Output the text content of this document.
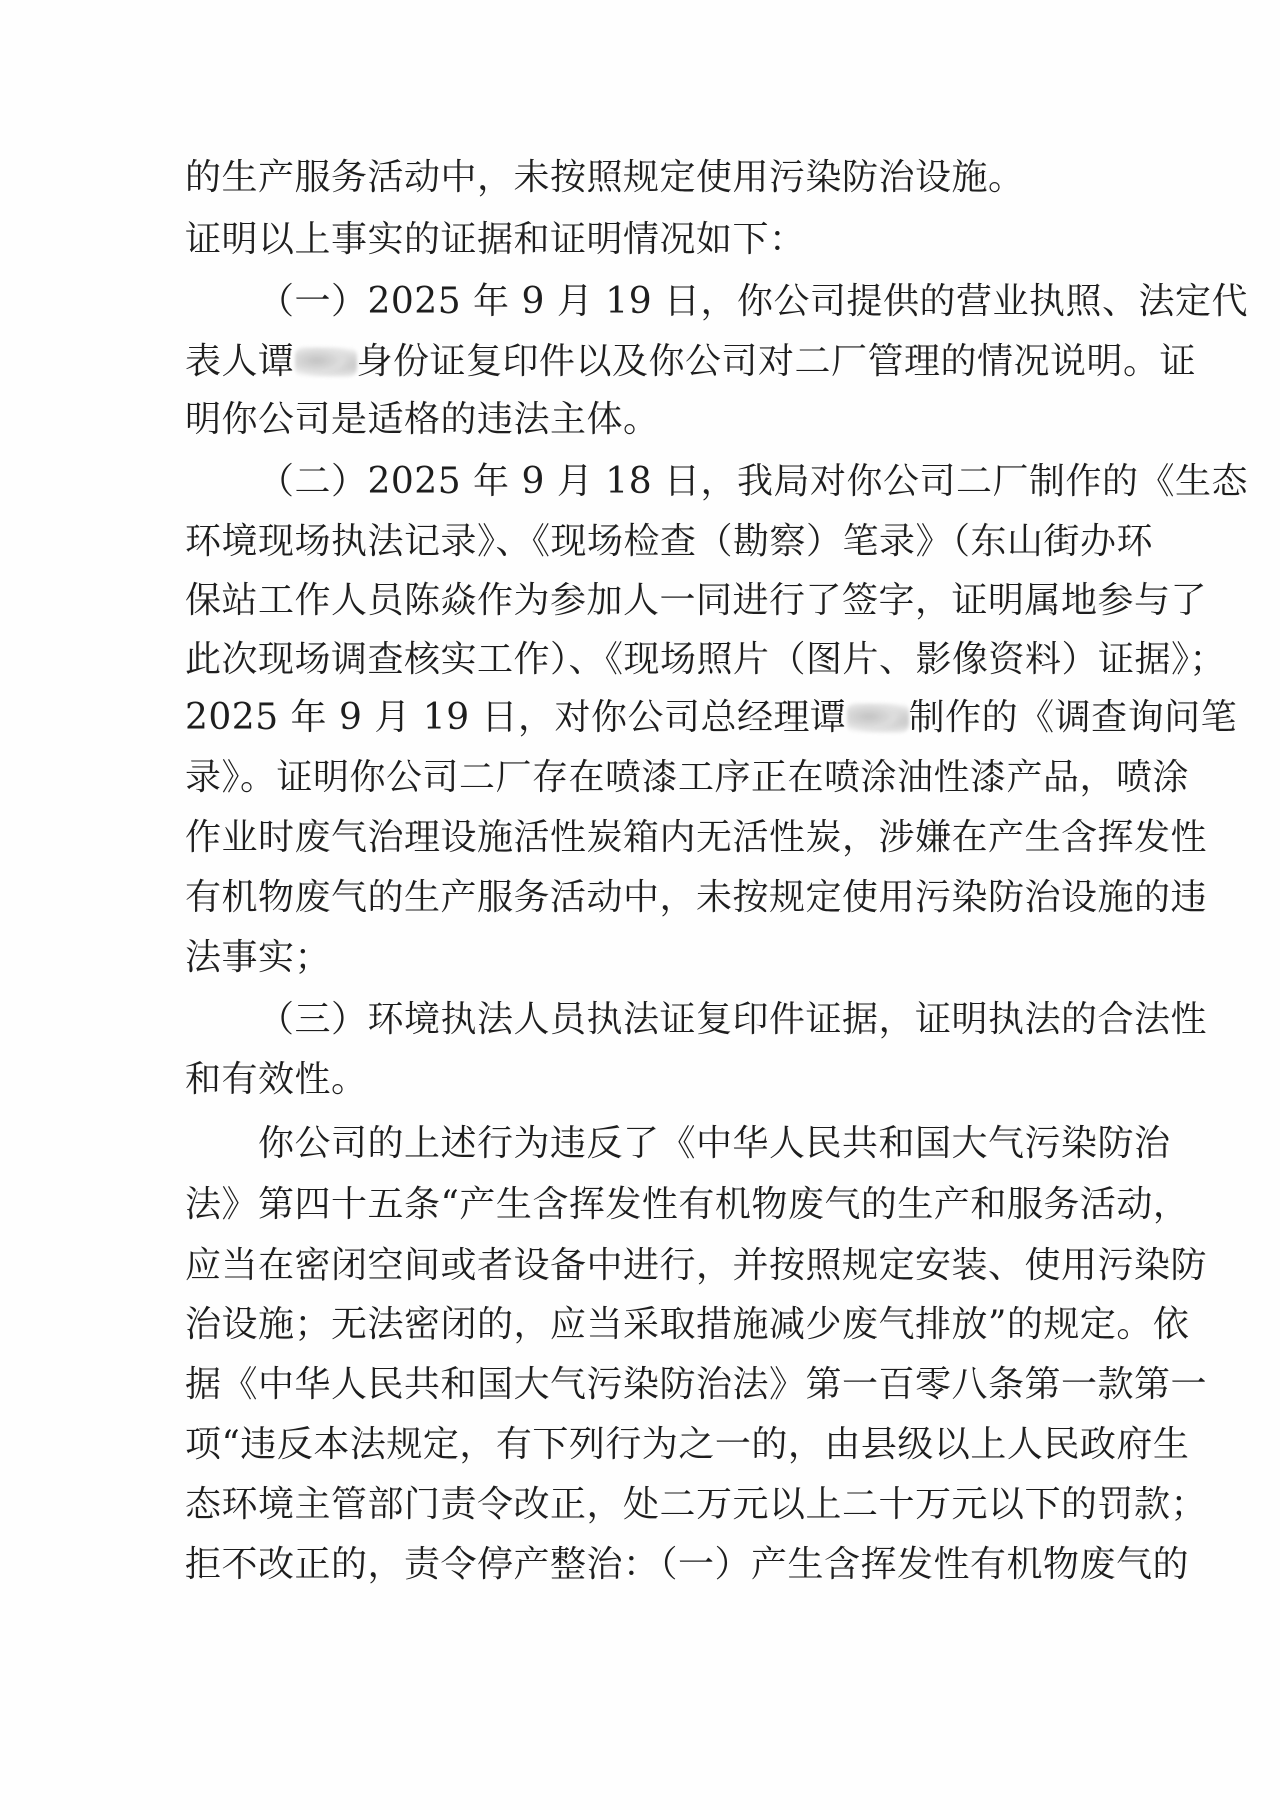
的生产服务活动中，未按照规定使用污染防治设施。
证明以上事实的证据和证明情况如下：
（一）2025 年 9 月 19 日，你公司提供的营业执照、法定代
表人谭 身份证复印件以及你公司对二厂管理的情况说明。证
明你公司是适格的违法主体。
（二）2025 年 9 月 18 日，我局对你公司二厂制作的《生态
环境现场执法记录》、《现场检查（勘察）笔录》（东山街办环
保站工作人员陈焱作为参加人一同进行了签字，证明属地参与了
此次现场调查核实工作）、《现场照片（图片、影像资料）证据》；
2025 年 9 月 19 日，对你公司总经理谭 制作的《调查询问笔
录》。证明你公司二厂存在喷漆工序正在喷涂油性漆产品，喷涂
作业时废气治理设施活性炭箱内无活性炭，涉嫌在产生含挥发性
有机物废气的生产服务活动中，未按规定使用污染防治设施的违
法事实；
（三）环境执法人员执法证复印件证据，证明执法的合法性
和有效性。
你公司的上述行为违反了《中华人民共和国大气污染防治
法》第四十五条“产生含挥发性有机物废气的生产和服务活动，
应当在密闭空间或者设备中进行，并按照规定安装、使用污染防
治设施；无法密闭的，应当采取措施减少废气排放”的规定。依
据《中华人民共和国大气污染防治法》第一百零八条第一款第一
项“违反本法规定，有下列行为之一的，由县级以上人民政府生
态环境主管部门责令改正，处二万元以上二十万元以下的罚款；
拒不改正的，责令停产整治：（一）产生含挥发性有机物废气的
